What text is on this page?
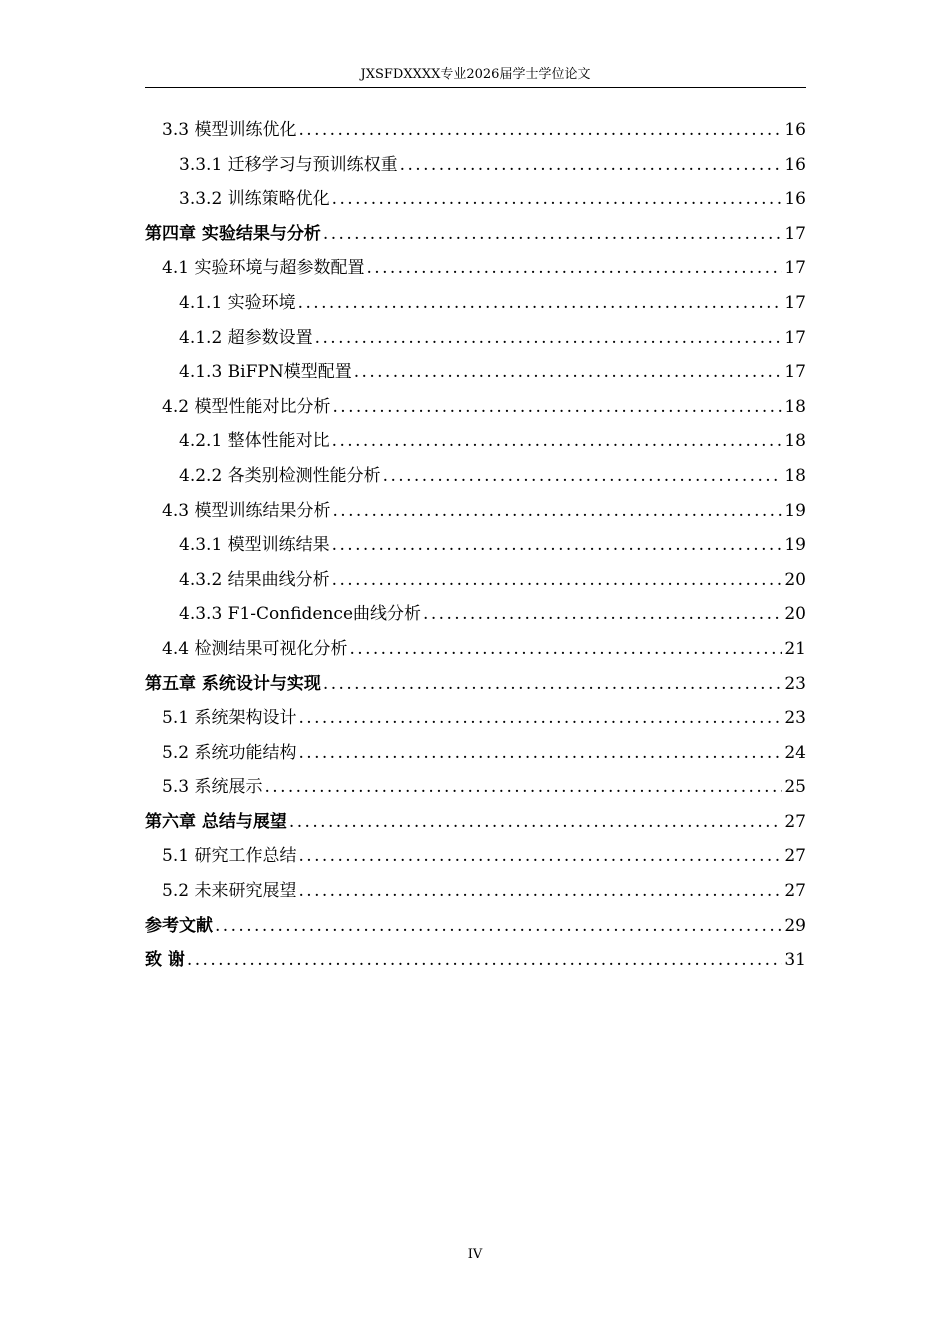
JXSFDXXXX专业2026届学士学位论文
3.3 模型训练优化 . . .	16
3.3.1 迁移学习与预训练权重 . . .	16
3.3.2 训练策略优化 . . .	16
第四章 实验结果与分析 . . .	17
4.1 实验环境与超参数配置 . . .	17
4.1.1 实验环境 . . .	17
4.1.2 超参数设置 . . .	17
4.1.3 BiFPN模型配置 . . .	17
4.2 模型性能对比分析 . . .	18
4.2.1 整体性能对比 . . .	18
4.2.2 各类别检测性能分析 . . .	18
4.3 模型训练结果分析 . . .	19
4.3.1 模型训练结果 . . .	19
4.3.2 结果曲线分析 . . .	20
4.3.3 F1-Confidence曲线分析 . . .	20
4.4 检测结果可视化分析 . . .	21
第五章 系统设计与实现 . . .	23
5.1 系统架构设计 . . .	23
5.2 系统功能结构 . . .	24
5.3 系统展示 . . .	25
第六章 总结与展望 . . .	27
5.1 研究工作总结 . . .	27
5.2 未来研究展望 . . .	27
参考文献 . . .	29
致 谢 . . .	31
IV
